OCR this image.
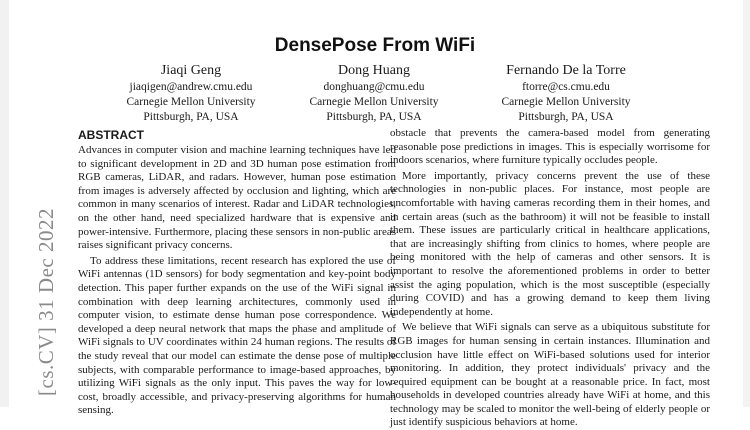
[cs.CV] 31 Dec 2022
DensePose From WiFi
Jiaqi Geng
jiaqigen@andrew.cmu.edu
Carnegie Mellon University
Pittsburgh, PA, USA
Dong Huang
donghuang@cmu.edu
Carnegie Mellon University
Pittsburgh, PA, USA
Fernando De la Torre
ftorre@cs.cmu.edu
Carnegie Mellon University
Pittsburgh, PA, USA
ABSTRACT

Advances in computer vision and machine learning techniques have led to significant development in 2D and 3D human pose estimation from RGB cameras, LiDAR, and radars. However, human pose estimation from images is adversely affected by occlusion and lighting, which are common in many scenarios of interest. Radar and LiDAR technologies, on the other hand, need specialized hardware that is expensive and power-intensive. Furthermore, placing these sensors in non-public areas raises significant privacy concerns.

To address these limitations, recent research has explored the use of WiFi antennas (1D sensors) for body segmentation and key-point body detection. This paper further expands on the use of the WiFi signal in combination with deep learning architectures, commonly used in computer vision, to estimate dense human pose correspondence. We developed a deep neural network that maps the phase and amplitude of WiFi signals to UV coordinates within 24 human regions. The results of the study reveal that our model can estimate the dense pose of multiple subjects, with comparable performance to image-based approaches, by utilizing WiFi signals as the only input. This paves the way for low-cost, broadly accessible, and privacy-preserving algorithms for human sensing.

obstacle that prevents the camera-based model from generating reasonable pose predictions in images. This is especially worrisome for indoors scenarios, where furniture typically occludes people.

More importantly, privacy concerns prevent the use of these technologies in non-public places. For instance, most people are uncomfortable with having cameras recording them in their homes, and in certain areas (such as the bathroom) it will not be feasible to install them. These issues are particularly critical in healthcare applications, that are increasingly shifting from clinics to homes, where people are being monitored with the help of cameras and other sensors. It is important to resolve the aforementioned problems in order to better assist the aging population, which is the most susceptible (especially during COVID) and has a growing demand to keep them living independently at home.

We believe that WiFi signals can serve as a ubiquitous substitute for RGB images for human sensing in certain instances. Illumination and occlusion have little effect on WiFi-based solutions used for interior monitoring. In addition, they protect individuals' privacy and the required equipment can be bought at a reasonable price. In fact, most households in developed countries already have WiFi at home, and this technology may be scaled to monitor the well-being of elderly people or just identify suspicious behaviors at home.
